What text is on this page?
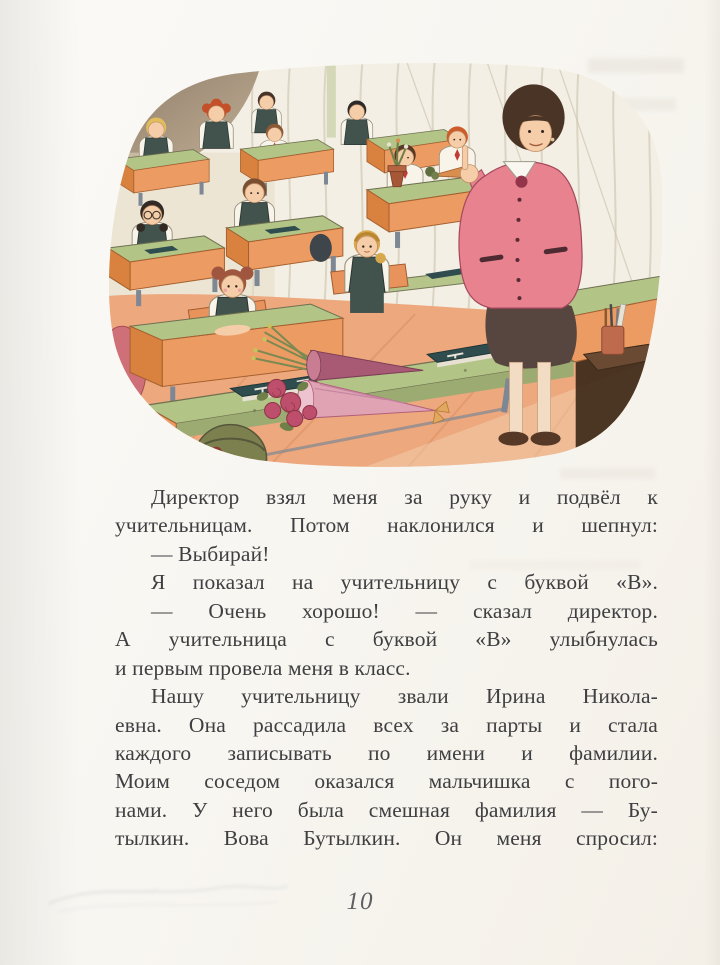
Директор взял меня за руку и подвёл к
учительницам. Потом наклонился и шепнул:
— Выбирай!
Я показал на учительницу с буквой «В».
— Очень хорошо! — сказал директор.
А учительница с буквой «В» улыбнулась
и первым провела меня в класс.
Нашу учительницу звали Ирина Никола-
евна. Она рассадила всех за парты и стала
каждого записывать по имени и фамилии.
Моим соседом оказался мальчишка с пого-
нами. У него была смешная фамилия — Бу-
тылкин. Вова Бутылкин. Он меня спросил:
10
